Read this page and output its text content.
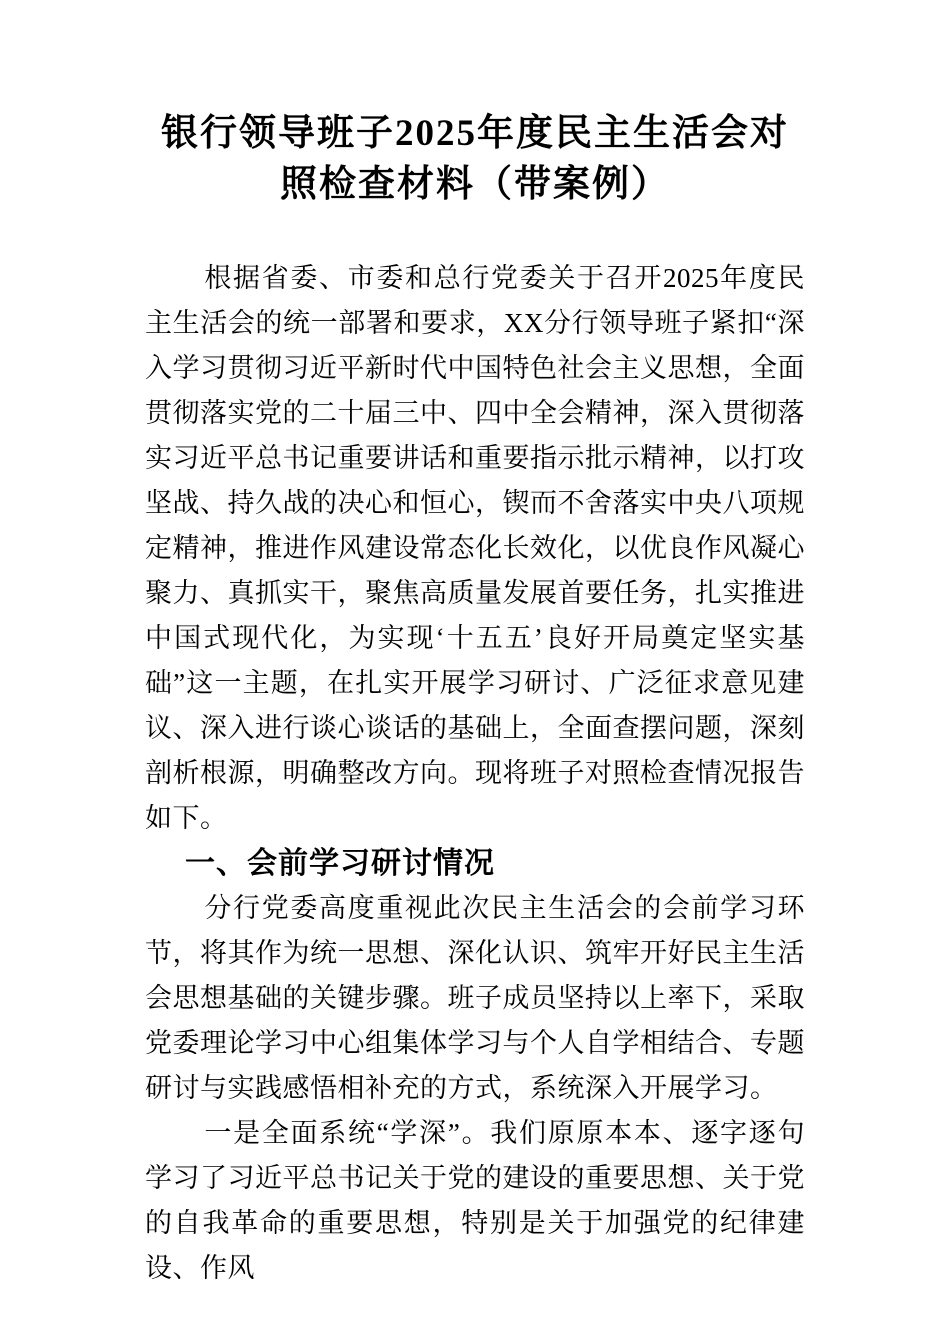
银行领导班子2025年度民主生活会对照检查材料（带案例）

根据省委、市委和总行党委关于召开2025年度民主生活会的统一部署和要求，XX分行领导班子紧扣“深入学习贯彻习近平新时代中国特色社会主义思想，全面贯彻落实党的二十届三中、四中全会精神，深入贯彻落实习近平总书记重要讲话和重要指示批示精神，以打攻坚战、持久战的决心和恒心，锲而不舍落实中央八项规定精神，推进作风建设常态化长效化，以优良作风凝心聚力、真抓实干，聚焦高质量发展首要任务，扎实推进中国式现代化，为实现‘十五五’良好开局奠定坚实基础”这一主题，在扎实开展学习研讨、广泛征求意见建议、深入进行谈心谈话的基础上，全面查摆问题，深刻剖析根源，明确整改方向。现将班子对照检查情况报告如下。

一、会前学习研讨情况

分行党委高度重视此次民主生活会的会前学习环节，将其作为统一思想、深化认识、筑牢开好民主生活会思想基础的关键步骤。班子成员坚持以上率下，采取党委理论学习中心组集体学习与个人自学相结合、专题研讨与实践感悟相补充的方式，系统深入开展学习。

一是全面系统“学深”。我们原原本本、逐字逐句学习了习近平总书记关于党的建设的重要思想、关于党的自我革命的重要思想，特别是关于加强党的纪律建设、作风
